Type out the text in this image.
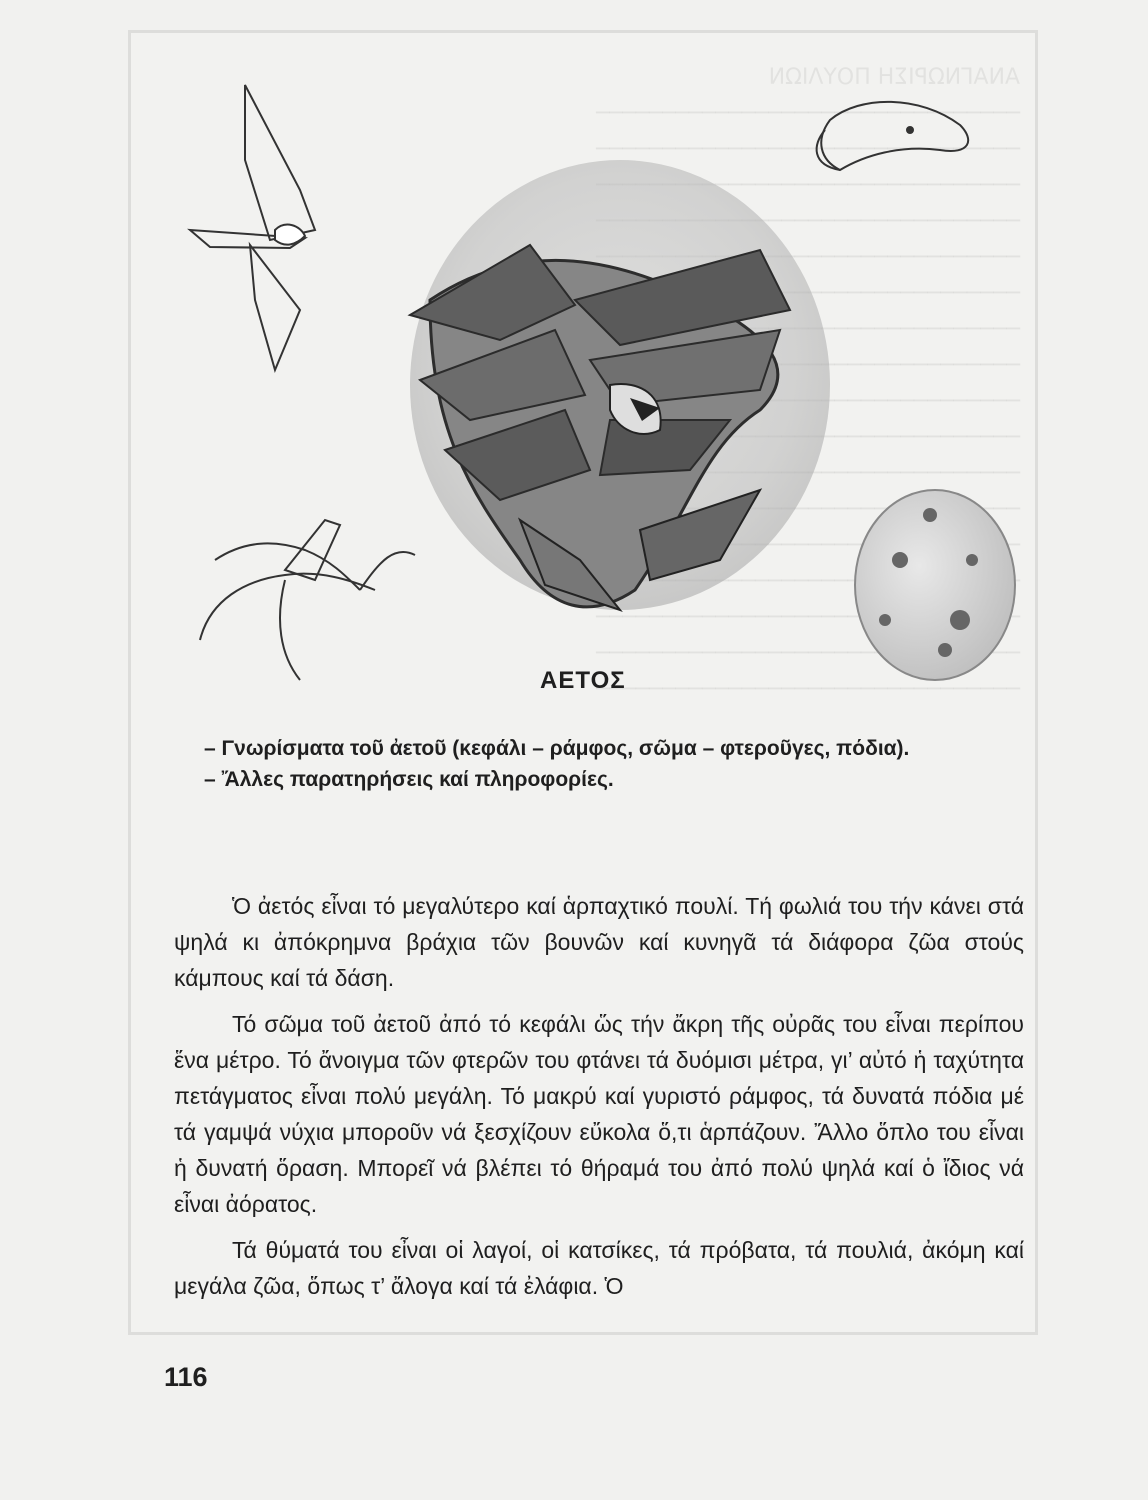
ΑΝΑΓΝΩΡΙΣΗ ΠΟΥΛΙΩΝ
────────────────────────────────
────────────────────────────────
────────────────────────────────
────────────────────────────────
────────────────────────────────

────────────────────────────────
────────────────────────────────
────────────────────────────────
────────────────────────────────
────────────────────────────────
────────────────────────────────
ΑΕΤΟΣ

– Γνωρίσματα τοῦ ἀετοῦ (κεφάλι – ράμφος, σῶμα – φτεροῦγες, πόδια).

– Ἄλλες παρατηρήσεις καί πληροφορίες.

Ὁ ἀετός εἶναι τό μεγαλύτερο καί ἁρπαχτικό πουλί. Τή φωλιά του τήν κάνει στά ψηλά κι ἀπόκρημνα βράχια τῶν βουνῶν καί κυνηγᾶ τά διάφορα ζῶα στούς κάμπους καί τά δάση.

Τό σῶμα τοῦ ἀετοῦ ἀπό τό κεφάλι ὥς τήν ἄκρη τῆς οὐρᾶς του εἶναι περίπου ἕνα μέτρο. Τό ἄνοιγμα τῶν φτερῶν του φτάνει τά δυόμισι μέτρα, γι’ αὐτό ἡ ταχύτητα πετάγματος εἶναι πολύ μεγάλη. Τό μακρύ καί γυριστό ράμφος, τά δυνατά πόδια μέ τά γαμψά νύχια μποροῦν νά ξεσχίζουν εὔκολα ὅ,τι ἁρπάζουν. Ἄλλο ὅπλο του εἶναι ἡ δυνατή ὅραση. Μπορεῖ νά βλέπει τό θήραμά του ἀπό πολύ ψηλά καί ὁ ἴδιος νά εἶναι ἀόρατος.

Τά θύματά του εἶναι οἱ λαγοί, οἱ κατσίκες, τά πρόβατα, τά πουλιά, ἀκόμη καί μεγάλα ζῶα, ὅπως τ’ ἄλογα καί τά ἐλάφια. Ὁ

116
